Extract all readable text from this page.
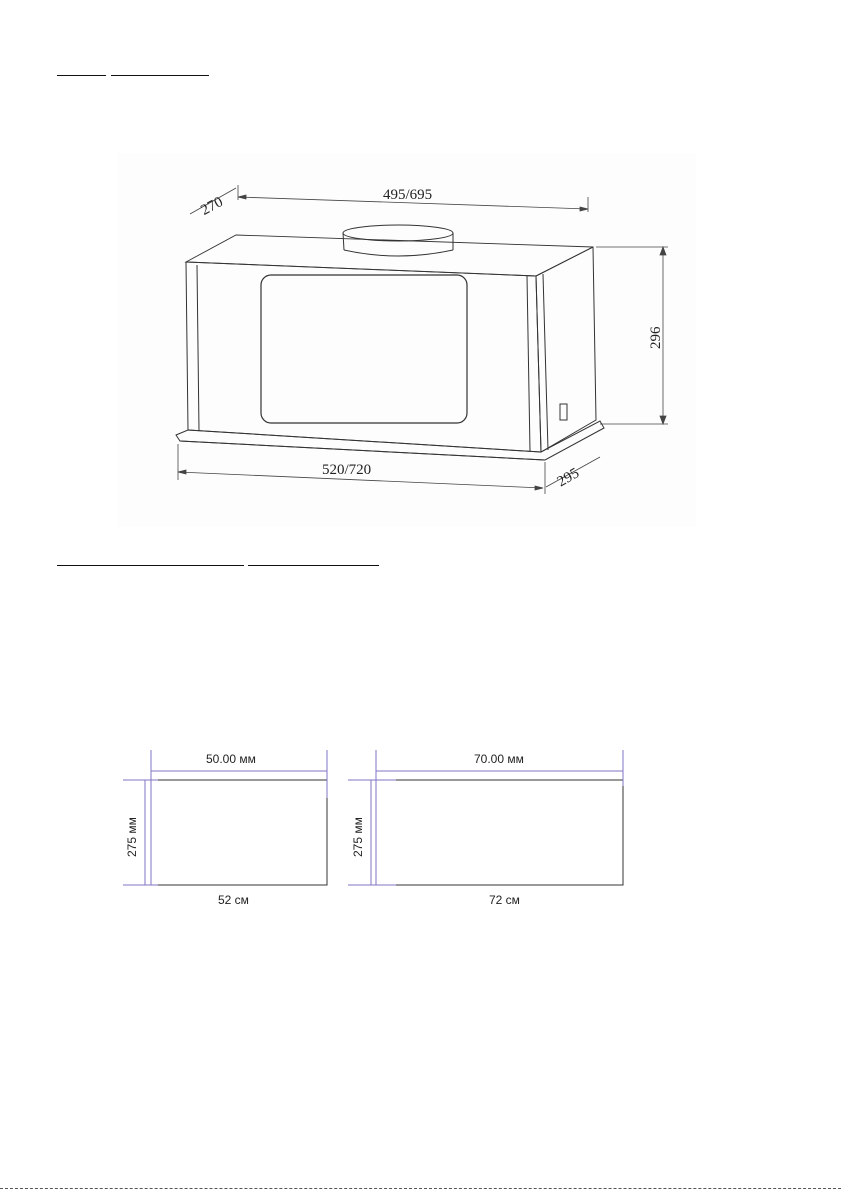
270	495/695
296
520/720	295
50.00 мм
275 мм
52 см
70.00 мм
275 мм
72 см
